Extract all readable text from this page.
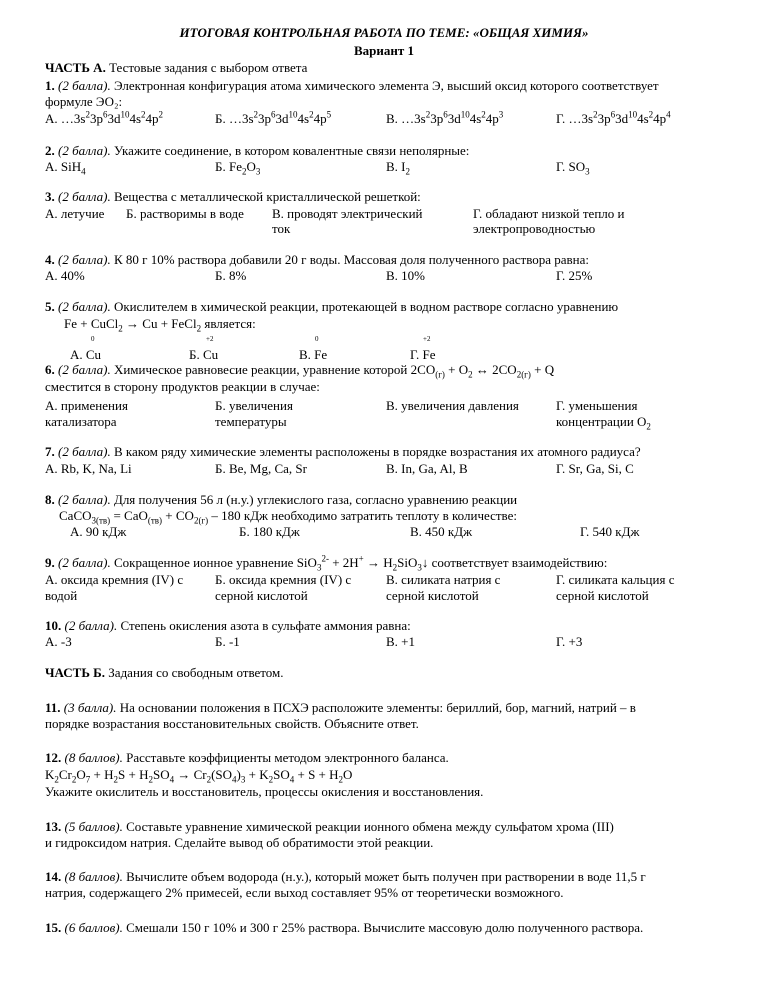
ИТОГОВАЯ КОНТРОЛЬНАЯ РАБОТА ПО ТЕМЕ: «ОБЩАЯ ХИМИЯ»
Вариант 1
ЧАСТЬ А. Тестовые задания с выбором ответа
1. (2 балла). Электронная конфигурация атома химического элемента Э, высший оксид которого соответствует
формуле ЭО₂:
А. $\dots 3s^23p^63d^{10}4s^24p^2$	Б. $\dots 3s^23p^63d^{10}4s^24p^5$	В. $\dots 3s^23p^63d^{10}4s^24p^3$	Г. $\dots 3s^23p^63d^{10}4s^24p^4$
2. (2 балла). Укажите соединение, в котором ковалентные связи неполярные:
А. SiH$_4$	Б. $Fe_2O_3$	В. $I_2$	Г. $SO_3$
3. (2 балла). Вещества с металлической кристаллической решеткой:
А. летучие Б. растворимы в воде В. проводят электрический
ток
Г. обладают низкой тепло и
электропроводностью
4. (2 балла). К 80 г 10% раствора добавили 20 г воды. Массовая доля полученного раствора равна:
А. 40%	Б. 8%	В. 10%	Г. 25%
5. (2 балла). Окислителем в химической реакции, протекающей в водном растворе согласно уравнению
Fe + CuCl$_2$ → Cu + FeCl$_2$ является:
0	+2	0	+2
А. Cu	Б. Cu	В. Fe	Г. Fe
6. (2 балла). Химическое равновесие реакции, уравнение которой $2CO_{(г)} + O_2$ ↔ $2CO_{2(г)} + Q$
сместится в сторону продуктов реакции в случае:
А. применения
катализатора
Б. увеличения
температуры
В. увеличения давления	Г. уменьшения
концентрации $O_2$
7. (2 балла). В каком ряду химические элементы расположены в порядке возрастания их атомного радиуса?
А. Rb, K, Na, Li	Б. Be, Mg, Ca, Sr	В. In, Ga, Al, B	Г. Sr, Ga, Si, C
8. (2 балла). Для получения 56 л (н.у.) углекислого газа, согласно уравнению реакции
CaCO$_{3(тв)}$ = $CaO_{(тв)} + CO_{2(г)} - 180$ кДж необходимо затратить теплоту в количестве:
А. 90 кДж	Б. 180 кДж	В. 450 кДж	Г. 540 кДж
9. (2 балла). Сокращенное ионное уравнение $SiO_3^{2-} + 2H^+ \to H_2SiO_3↓$ соответствует взаимодействию:
А. оксида кремния (IV) с
водой
Б. оксида кремния (IV) с
серной кислотой
В. силиката натрия с
серной кислотой
Г. силиката кальция с
серной кислотой
10. (2 балла). Степень окисления азота в сульфате аммония равна:
А. -3	Б. -1	В. +1	Г. +3
ЧАСТЬ Б. Задания со свободным ответом.
11. (3 балла). На основании положения в ПСХЭ расположите элементы: бериллий, бор, магний, натрий – в
порядке возрастания восстановительных свойств. Объясните ответ.
12. (8 баллов). Расставьте коэффициенты методом электронного баланса.
$K_2Cr_2O_7 + H_2S + H_2SO_4 \to Cr_2(SO_4)_3 + K_2SO_4 + S + H_2O$
Укажите окислитель и восстановитель, процессы окисления и восстановления.
13. (5 баллов). Составьте уравнение химической реакции ионного обмена между сульфатом хрома (III)
и гидроксидом натрия. Сделайте вывод об обратимости этой реакции.
14. (8 баллов). Вычислите объем водорода (н.у.), который может быть получен при растворении в воде 11,5 г
натрия, содержащего 2% примесей, если выход составляет 95% от теоретически возможного.
15. (6 баллов). Смешали 150 г 10% и 300 г 25% раствора. Вычислите массовую долю полученного раствора.
